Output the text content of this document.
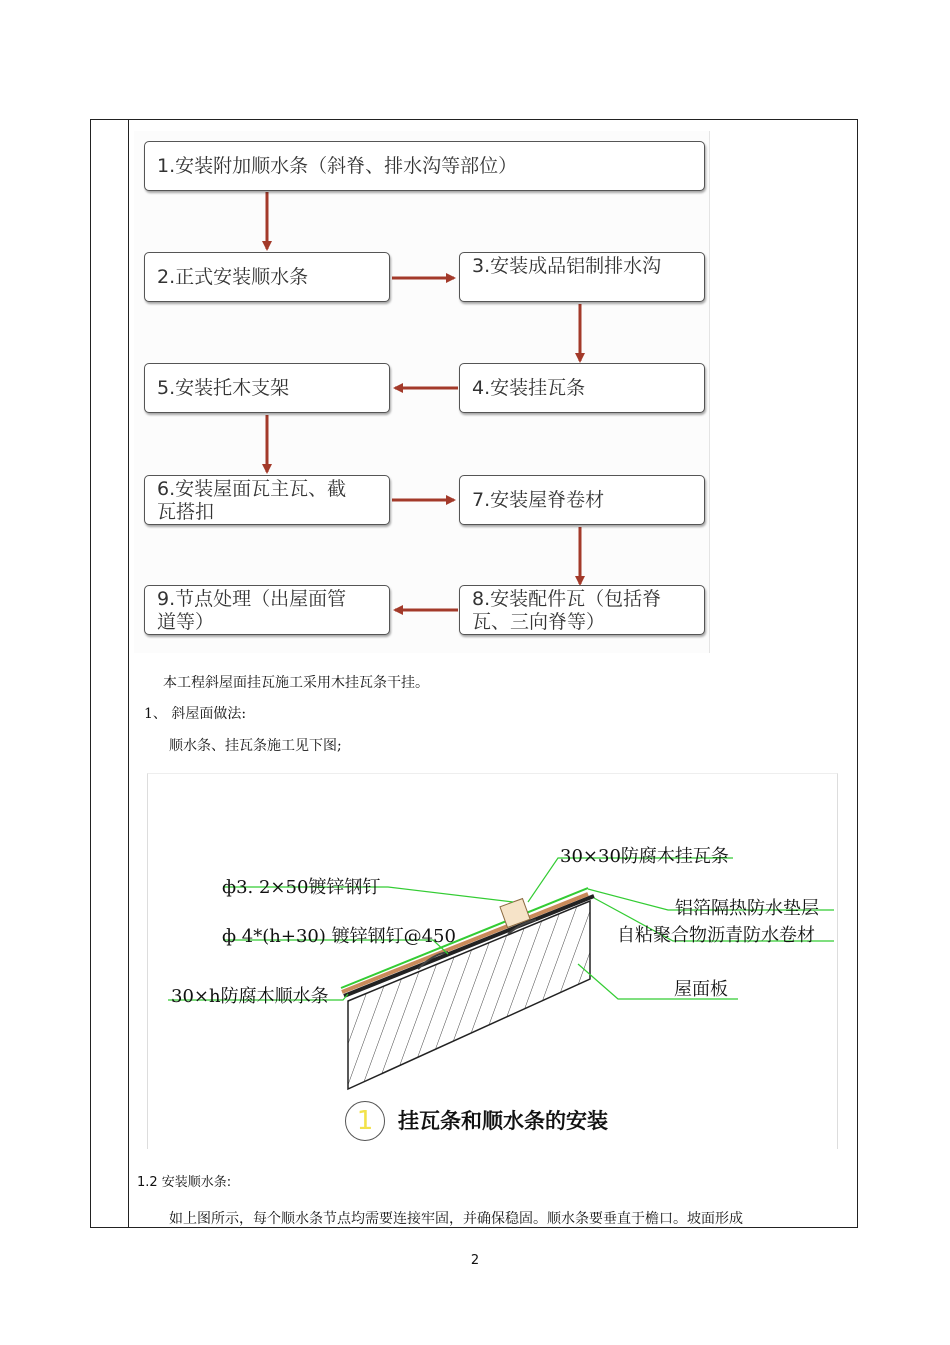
1.安装附加顺水条（斜脊、排水沟等部位）
2.正式安装顺水条	3.安装成品铝制排水沟
5.安装托木支架	4.安装挂瓦条
6.安装屋面瓦主瓦、截瓦搭扣
7.安装屋脊卷材
9.节点处理（出屋面管道等）
8.安装配件瓦（包括脊瓦、三向脊等）
本工程斜屋面挂瓦施工采用木挂瓦条干挂。
1、 斜屋面做法:
顺水条、挂瓦条施工见下图;
30×30防腐木挂瓦条
ф3. 2×50镀锌钢钉
ф 4*(h+30) 镀锌钢钉@450
铝箔隔热防水垫层
自粘聚合物沥青防水卷材
30×h防腐木顺水条	屋面板
1	挂瓦条和顺水条的安装
1.2 安装顺水条:
如上图所示，每个顺水条节点均需要连接牢固，并确保稳固。顺水条要垂直于檐口。坡面形成
2
